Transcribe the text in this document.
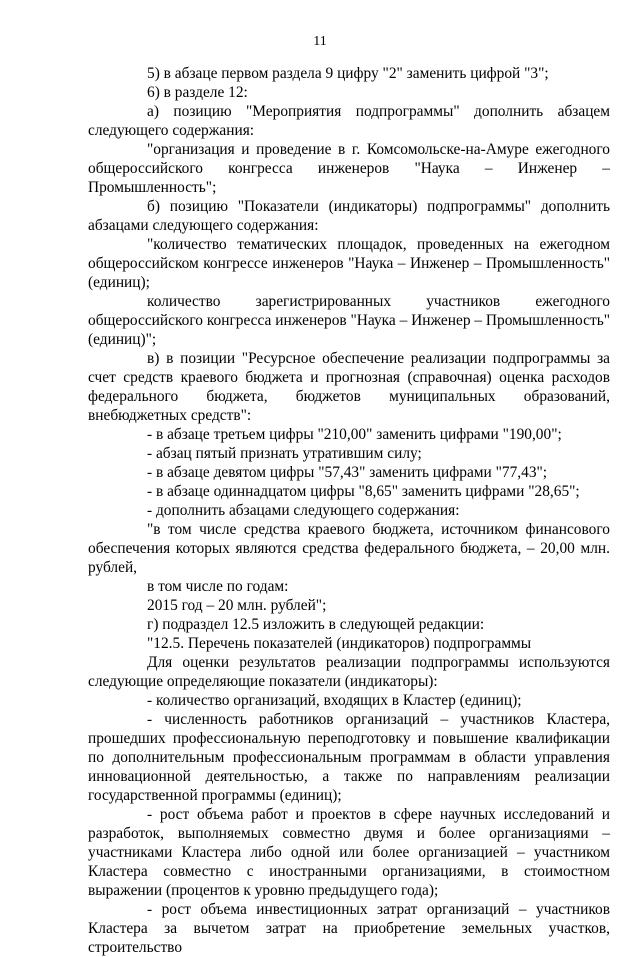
11

5) в абзаце первом раздела 9 цифру "2" заменить цифрой "3";

6) в разделе 12:

а) позицию "Мероприятия подпрограммы" дополнить абзацем следующего содержания:

"организация и проведение в г. Комсомольске-на-Амуре ежегодного общероссийского конгресса инженеров "Наука – Инженер – Промышленность";

б) позицию "Показатели (индикаторы) подпрограммы" дополнить абзацами следующего содержания:

"количество тематических площадок, проведенных на ежегодном общероссийском конгрессе инженеров "Наука – Инженер – Промышленность" (единиц);

количество зарегистрированных участников ежегодного общероссийского конгресса инженеров "Наука – Инженер – Промышленность" (единиц)";

в) в позиции "Ресурсное обеспечение реализации подпрограммы за счет средств краевого бюджета и прогнозная (справочная) оценка расходов федерального бюджета, бюджетов муниципальных образований, внебюджетных средств":

- в абзаце третьем цифры "210,00" заменить цифрами "190,00";

- абзац пятый признать утратившим силу;

- в абзаце девятом цифры "57,43" заменить цифрами "77,43";

- в абзаце одиннадцатом цифры "8,65" заменить цифрами "28,65";

- дополнить абзацами следующего содержания:

"в том числе средства краевого бюджета, источником финансового обеспечения которых являются средства федерального бюджета, – 20,00 млн. рублей,

в том числе по годам:

2015 год – 20 млн. рублей";

г) подраздел 12.5 изложить в следующей редакции:

"12.5. Перечень показателей (индикаторов) подпрограммы

Для оценки результатов реализации подпрограммы используются следующие определяющие показатели (индикаторы):

- количество организаций, входящих в Кластер (единиц);

- численность работников организаций – участников Кластера, прошедших профессиональную переподготовку и повышение квалификации по дополнительным профессиональным программам в области управления инновационной деятельностью, а также по направлениям реализации государственной программы (единиц);

- рост объема работ и проектов в сфере научных исследований и разработок, выполняемых совместно двумя и более организациями – участниками Кластера либо одной или более организацией – участником Кластера совместно с иностранными организациями, в стоимостном выражении (процентов к уровню предыдущего года);

- рост объема инвестиционных затрат организаций – участников Кластера за вычетом затрат на приобретение земельных участков, строительство
